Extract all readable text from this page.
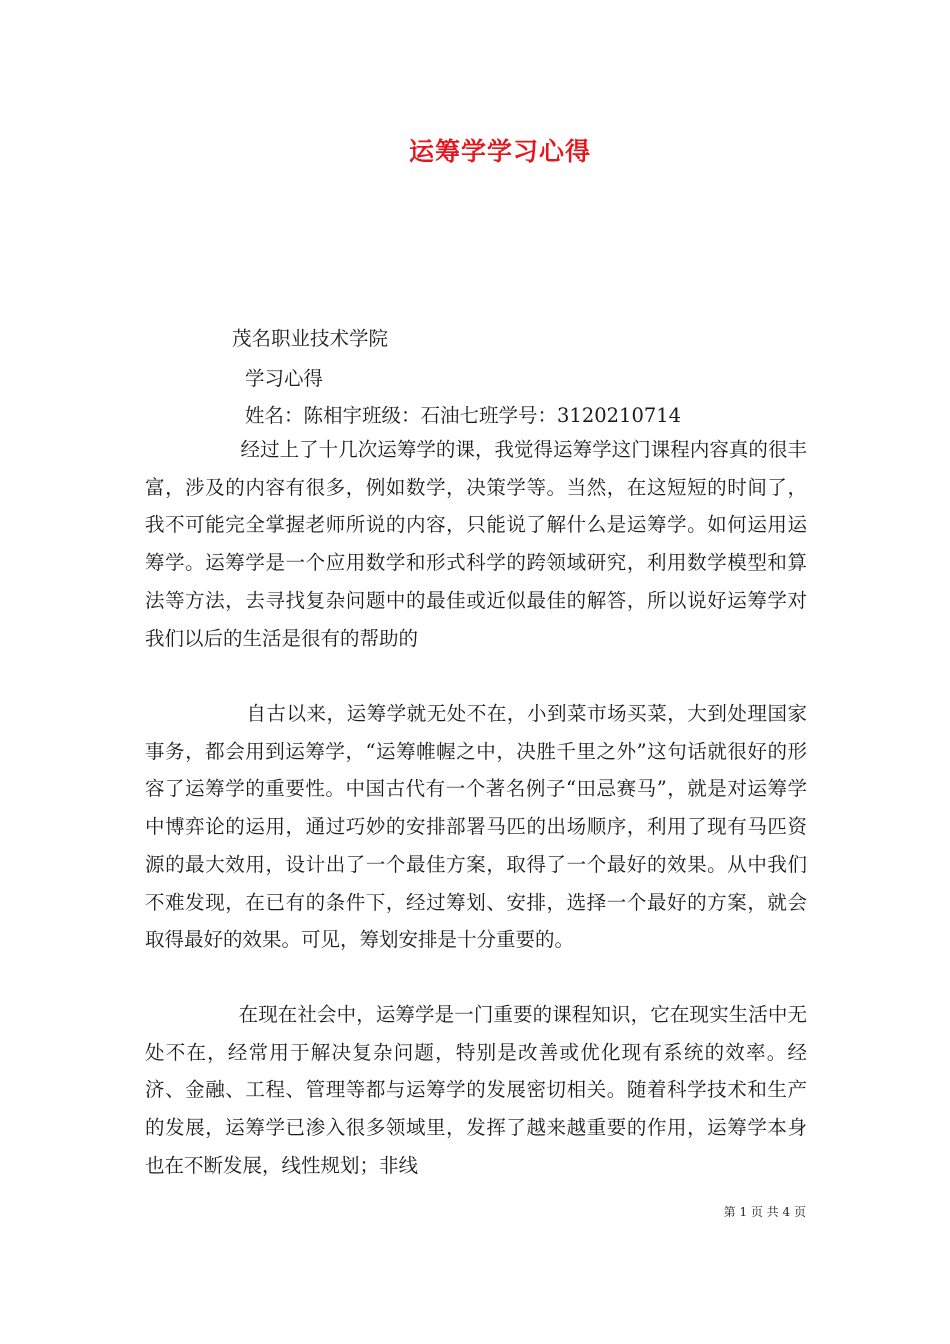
运筹学学习心得
茂名职业技术学院
学习心得
姓名：陈相宇班级：石油七班学号：3120210714
经过上了十几次运筹学的课，我觉得运筹学这门课程内容真的很丰富，涉及的内容有很多，例如数学，决策学等。当然，在这短短的时间了，我不可能完全掌握老师所说的内容，只能说了解什么是运筹学。如何运用运筹学。运筹学是一个应用数学和形式科学的跨领域研究，利用数学模型和算法等方法，去寻找复杂问题中的最佳或近似最佳的解答，所以说好运筹学对我们以后的生活是很有的帮助的
自古以来，运筹学就无处不在，小到菜市场买菜，大到处理国家事务，都会用到运筹学，“运筹帷幄之中，决胜千里之外”这句话就很好的形容了运筹学的重要性。中国古代有一个著名例子“田忌赛马”，就是对运筹学中博弈论的运用，通过巧妙的安排部署马匹的出场顺序，利用了现有马匹资源的最大效用，设计出了一个最佳方案，取得了一个最好的效果。从中我们不难发现，在已有的条件下，经过筹划、安排，选择一个最好的方案，就会取得最好的效果。可见，筹划安排是十分重要的。
在现在社会中，运筹学是一门重要的课程知识，它在现实生活中无处不在，经常用于解决复杂问题，特别是改善或优化现有系统的效率。经济、金融、工程、管理等都与运筹学的发展密切相关。随着科学技术和生产的发展，运筹学已渗入很多领域里，发挥了越来越重要的作用，运筹学本身也在不断发展，线性规划；非线
第 1 页 共 4 页
